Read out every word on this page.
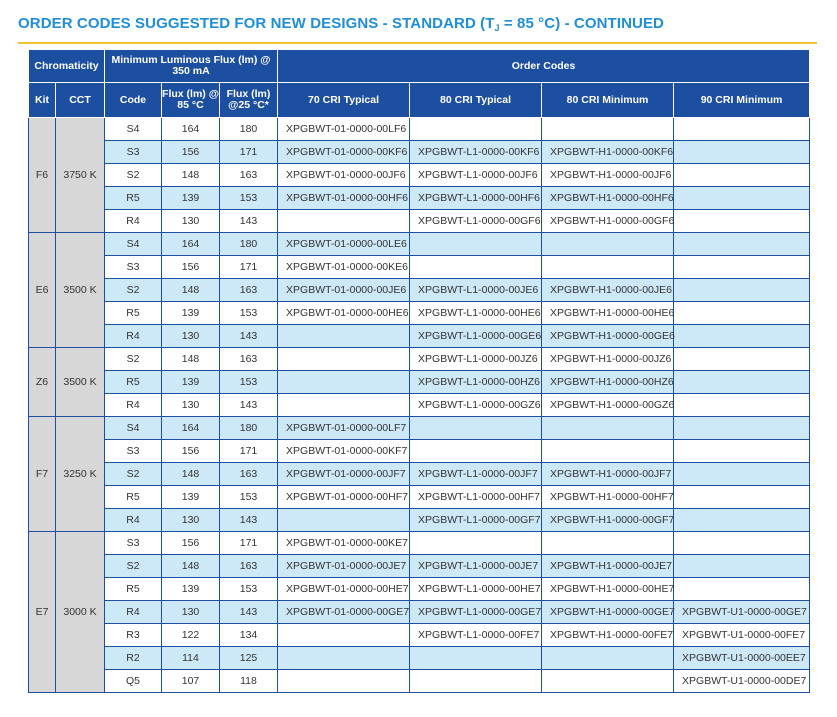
ORDER CODES SUGGESTED FOR NEW DESIGNS - STANDARD ($T_J = 85$ °C) - CONTINUED
Chromaticity		Minimum Luminous Flux (lm) @ 350 mA			Order Codes			
Kit	CCT	Code	Flux (lm) @ 85 °C	Flux (lm) @25 °C*	70 CRI Typical	80 CRI Typical	80 CRI Minimum	90 CRI Minimum
F6	3750 K	S4	164	180	XPGBWT-01-0000-00LF6			
		S3	156	171	XPGBWT-01-0000-00KF6	XPGBWT-L1-0000-00KF6	XPGBWT-H1-0000-00KF6	
		S2	148	163	XPGBWT-01-0000-00JF6	XPGBWT-L1-0000-00JF6	XPGBWT-H1-0000-00JF6	
		R5	139	153	XPGBWT-01-0000-00HF6	XPGBWT-L1-0000-00HF6	XPGBWT-H1-0000-00HF6	
		R4	130	143		XPGBWT-L1-0000-00GF6	XPGBWT-H1-0000-00GF6	
E6	3500 K	S4	164	180	XPGBWT-01-0000-00LE6			
		S3	156	171	XPGBWT-01-0000-00KE6			
		S2	148	163	XPGBWT-01-0000-00JE6	XPGBWT-L1-0000-00JE6	XPGBWT-H1-0000-00JE6	
		R5	139	153	XPGBWT-01-0000-00HE6	XPGBWT-L1-0000-00HE6	XPGBWT-H1-0000-00HE6	
		R4	130	143		XPGBWT-L1-0000-00GE6	XPGBWT-H1-0000-00GE6	
Z6	3500 K	S2	148	163		XPGBWT-L1-0000-00JZ6	XPGBWT-H1-0000-00JZ6	
		R5	139	153		XPGBWT-L1-0000-00HZ6	XPGBWT-H1-0000-00HZ6	
		R4	130	143		XPGBWT-L1-0000-00GZ6	XPGBWT-H1-0000-00GZ6	
F7	3250 K	S4	164	180	XPGBWT-01-0000-00LF7			
		S3	156	171	XPGBWT-01-0000-00KF7			
		S2	148	163	XPGBWT-01-0000-00JF7	XPGBWT-L1-0000-00JF7	XPGBWT-H1-0000-00JF7	
		R5	139	153	XPGBWT-01-0000-00HF7	XPGBWT-L1-0000-00HF7	XPGBWT-H1-0000-00HF7	
		R4	130	143		XPGBWT-L1-0000-00GF7	XPGBWT-H1-0000-00GF7	
E7	3000 K	S3	156	171	XPGBWT-01-0000-00KE7			
		S2	148	163	XPGBWT-01-0000-00JE7	XPGBWT-L1-0000-00JE7	XPGBWT-H1-0000-00JE7	
		R5	139	153	XPGBWT-01-0000-00HE7	XPGBWT-L1-0000-00HE7	XPGBWT-H1-0000-00HE7	
		R4	130	143	XPGBWT-01-0000-00GE7	XPGBWT-L1-0000-00GE7	XPGBWT-H1-0000-00GE7	XPGBWT-U1-0000-00GE7
		R3	122	134		XPGBWT-L1-0000-00FE7	XPGBWT-H1-0000-00FE7	XPGBWT-U1-0000-00FE7
		R2	114	125				XPGBWT-U1-0000-00EE7
		Q5	107	118				XPGBWT-U1-0000-00DE7
